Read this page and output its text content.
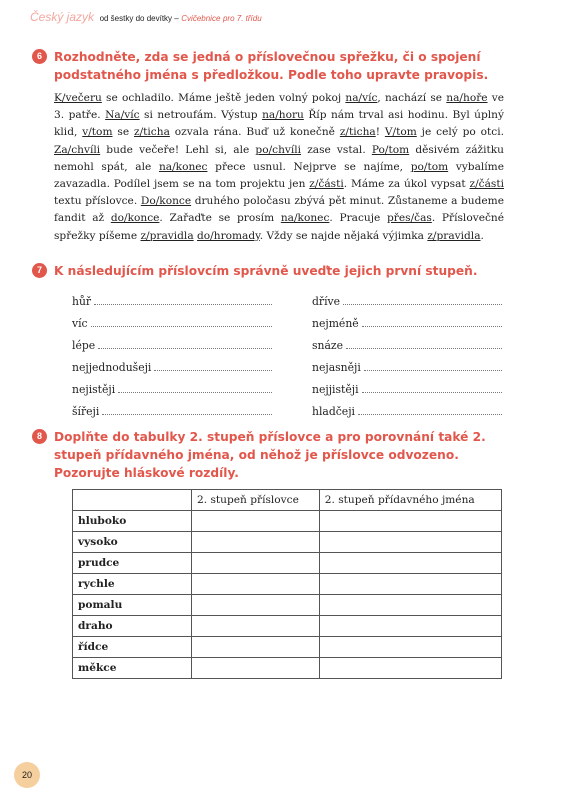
Český jazyk od šestky do devítky – Cvičebnice pro 7. třídu
6 Rozhodněte, zda se jedná o příslovečnou spřežku, či o spojení podstatného jména s předložkou. Podle toho upravte pravopis.

K/večeru se ochladilo. Máme ještě jeden volný pokoj na/víc, nachází se na/hoře ve 3. patře. Na/víc si netroufám. Výstup na/horu Říp nám trval asi hodinu. Byl úplný klid, v/tom se z/ticha ozvala rána. Buď už konečně z/ticha! V/tom je celý po otci. Za/chvíli bude večeře! Lehl si, ale po/chvíli zase vstal. Po/tom děsivém zážitku nemohl spát, ale na/konec přece usnul. Nejprve se najíme, po/tom vybalíme zavazadla. Podílel jsem se na tom projektu jen z/části. Máme za úkol vypsat z/části textu příslovce. Do/konce druhého poločasu zbývá pět minut. Zůstaneme a budeme fandit až do/konce. Zařaďte se prosím na/konec. Pracuje přes/čas. Příslovečné spřežky píšeme z/pravidla do/hromady. Vždy se najde nějaká výjimka z/pravidla.
7 K následujícím příslovcím správně uveďte jejich první stupeň.

hůř	dříve
víc	nejméně
lépe	snáze
nejjednodušeji	nejasněji
nejistěji	nejjistěji
šířeji	hladčeji
8 Doplňte do tabulky 2. stupeň příslovce a pro porovnání také 2. stupeň přídavného jména, od něhož je příslovce odvozeno. Pozorujte hláskové rozdíly.

	2. stupeň příslovce	2. stupeň přídavného jména
hluboko		
vysoko		
prudce		
rychle		
pomalu		
draho		
řídce		
měkce		
20
